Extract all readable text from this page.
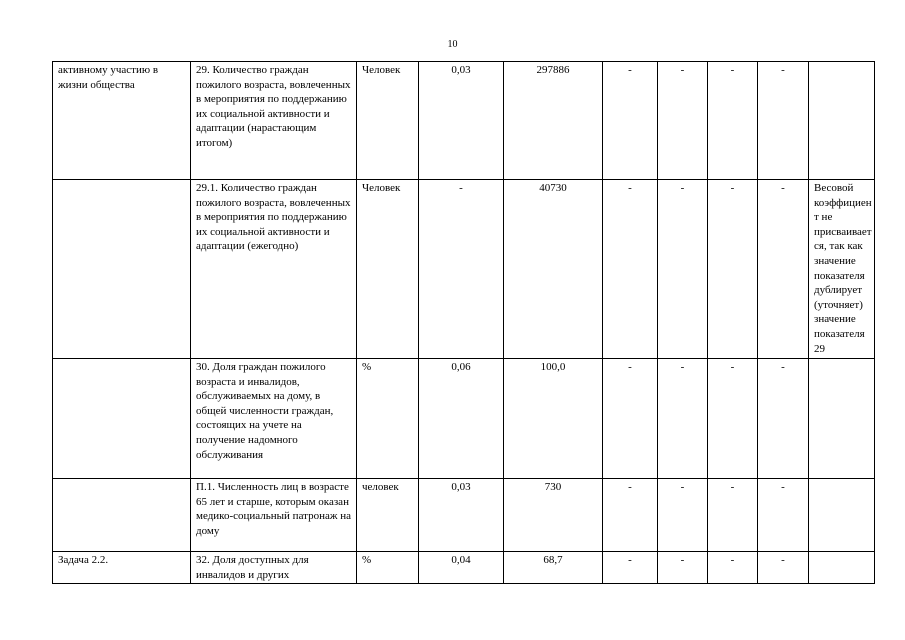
10
активному участию в жизни общества	29. Количество граждан пожилого возраста, вовлеченных в мероприятия по поддержанию их социальной активности и адаптации (нарастающим итогом)	Человек	0,03	297886	-	-	-	-	
	29.1. Количество граждан пожилого возраста, вовлеченных в мероприятия по поддержанию их социальной активности и адаптации (ежегодно)	Человек	-	40730	-	-	-	-	Весовой коэффициен т не присваивает ся, так как значение показателя дублирует (уточняет) значение показателя 29
	30. Доля граждан пожилого возраста и инвалидов, обслуживаемых на дому, в общей численности граждан, состоящих на учете на получение надомного обслуживания	%	0,06	100,0	-	-	-	-	
	П.1. Численность лиц в возрасте 65 лет и старше, которым оказан медико-социальный патронаж на дому	человек	0,03	730	-	-	-	-	
Задача 2.2.	32. Доля доступных для инвалидов и других	%	0,04	68,7	-	-	-	-	
